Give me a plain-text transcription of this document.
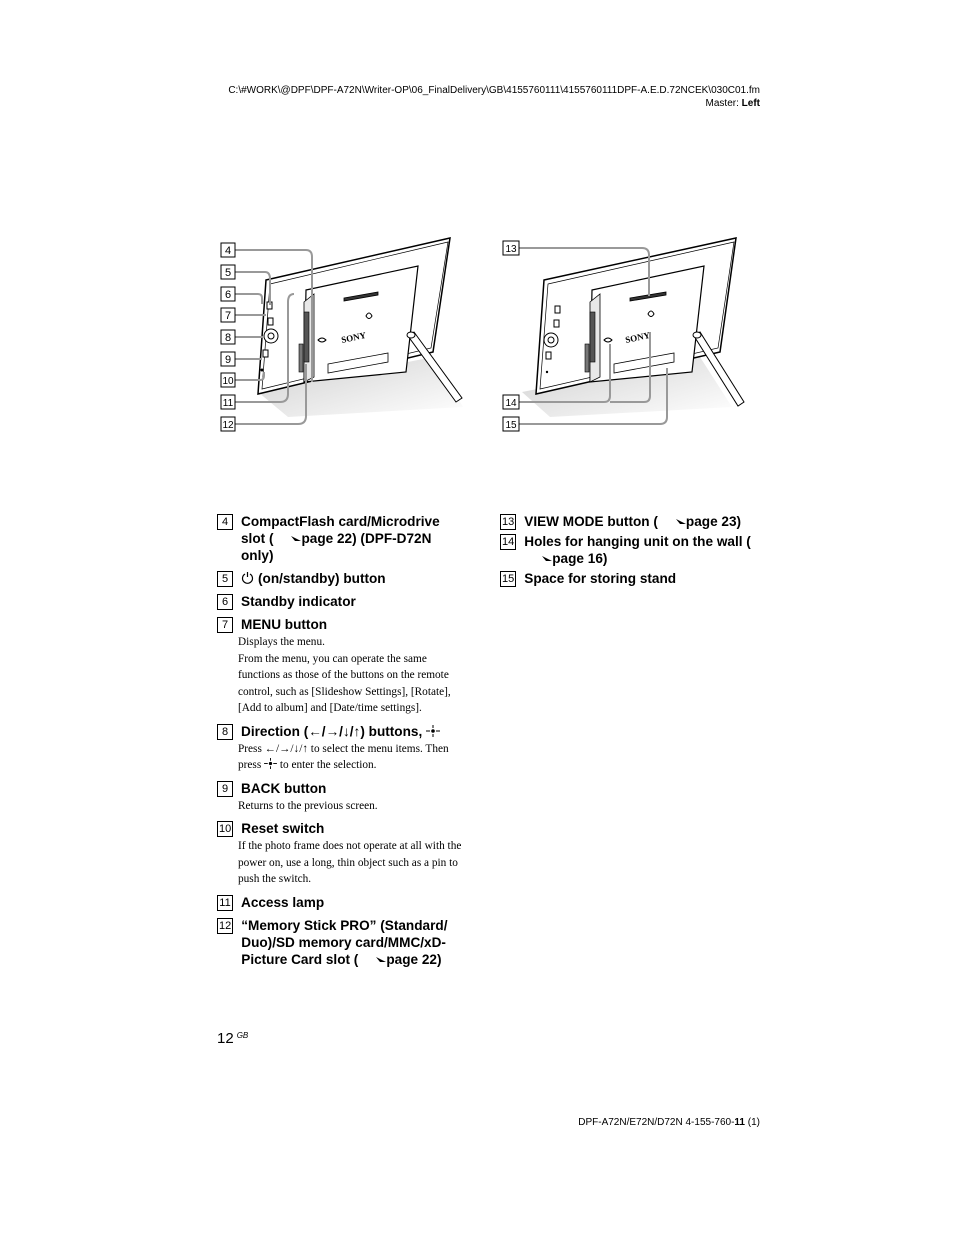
C:\#WORK\@DPF\DPF-A72N\Writer-OP\06_FinalDelivery\GB\4155760111\4155760111DPF-A.E.D.72NCEK\030C01.fm
Master: Left
SONY
4
5
6
7
8
9
10
11
12
SONY
13
14
15
4 CompactFlash card/Microdrive slot ( page 22) (DPF-D72N only)
5	(on/standby) button
6 Standby indicator
7 MENU button

Displays the menu.

From the menu, you can operate the same functions as those of the buttons on the remote control, such as [Slideshow Settings], [Rotate], [Add to album] and [Date/time settings].

8 Direction (←/→/↓/↑) buttons,

Press ←/→/↓/↑ to select the menu items. Then press to enter the selection.

9 BACK button

Returns to the previous screen.

10 Reset switch

If the photo frame does not operate at all with the power on, use a long, thin object such as a pin to push the switch.

11 Access lamp
12 “Memory Stick PRO” (Standard/ Duo)/SD memory card/MMC/xD-Picture Card slot ( page 22)
13 VIEW MODE button ( page 23)
14 Holes for hanging unit on the wall (page 16)
15 Space for storing stand
12 $^{GB}$
DPF-A72N/E72N/D72N 4-155-760-11 (1)
